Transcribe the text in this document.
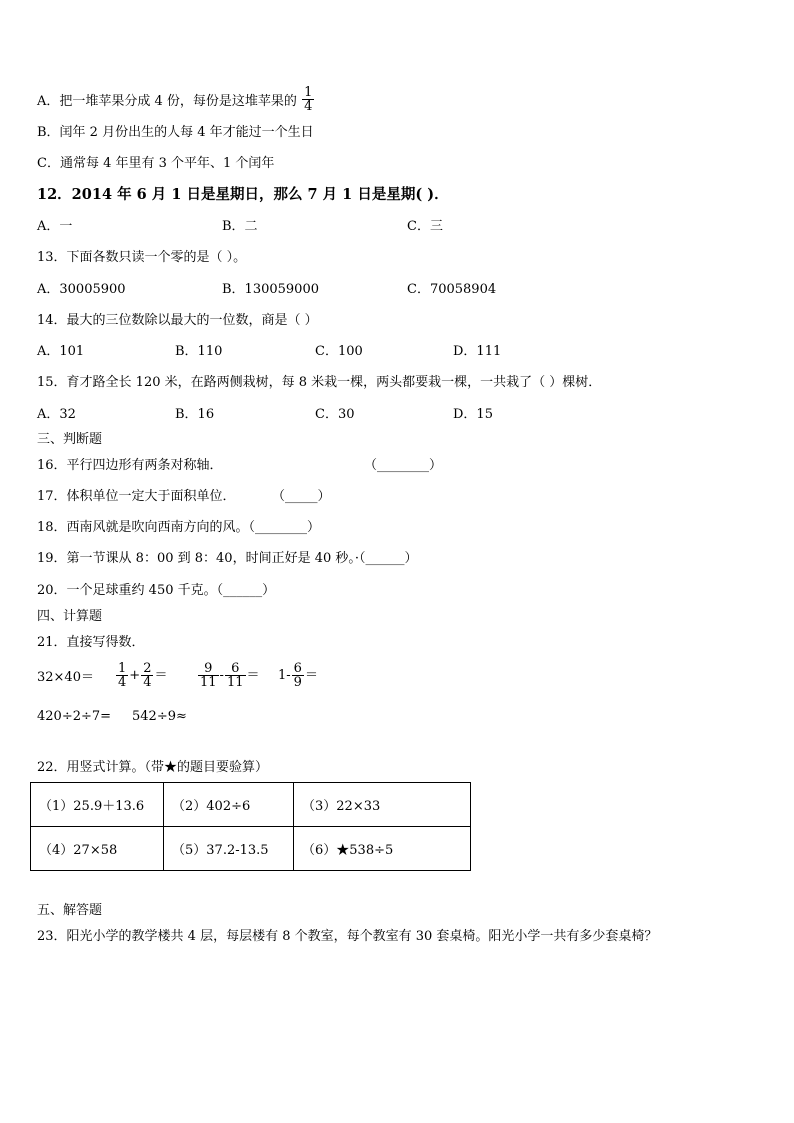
A．把一堆苹果分成 4 份，每份是这堆苹果的 $\frac{1}{4}$
B．闰年 2 月份出生的人每 4 年才能过一个生日
C．通常每 4 年里有 3 个平年、1 个闰年
12．2014 年 6 月 1 日是星期日，那么 7 月 1 日是星期( )．
A．一	B．二	C．三
13．下面各数只读一个零的是（ ）。
A．30005900	B．130059000	C．70058904
14．最大的三位数除以最大的一位数，商是（ ）
A．101	B．110	C．100	D．111
15．育才路全长 120 米，在路两侧栽树，每 8 米栽一棵，两头都要栽一棵，一共栽了（ ）棵树．
A．32	B．16	C．30	D．15
三、判断题
16．平行四边形有两条对称轴．	（________）
17．体积单位一定大于面积单位．	（_____）
18．西南风就是吹向西南方向的风。（________）
19．第一节课从 8：00 到 8：40，时间正好是 40 秒。·（______）
20．一个足球重约 450 千克。（______）
四、计算题
21．直接写得数．
$32\times 40= \frac{1}{4} + \frac{2}{4} = \frac{9}{11} - \frac{6}{11} = 1- \frac{6}{9}$ ＝
420÷2÷7= 542÷9≈
22．用竖式计算。（带★的题目要验算）
（1）25.9＋13.6	（2）402÷6	（3）22×33
（4）27×58	（5）37.2-13.5	（6）★538÷5
五、解答题
23．阳光小学的教学楼共 4 层，每层楼有 8 个教室，每个教室有 30 套桌椅。阳光小学一共有多少套桌椅？
